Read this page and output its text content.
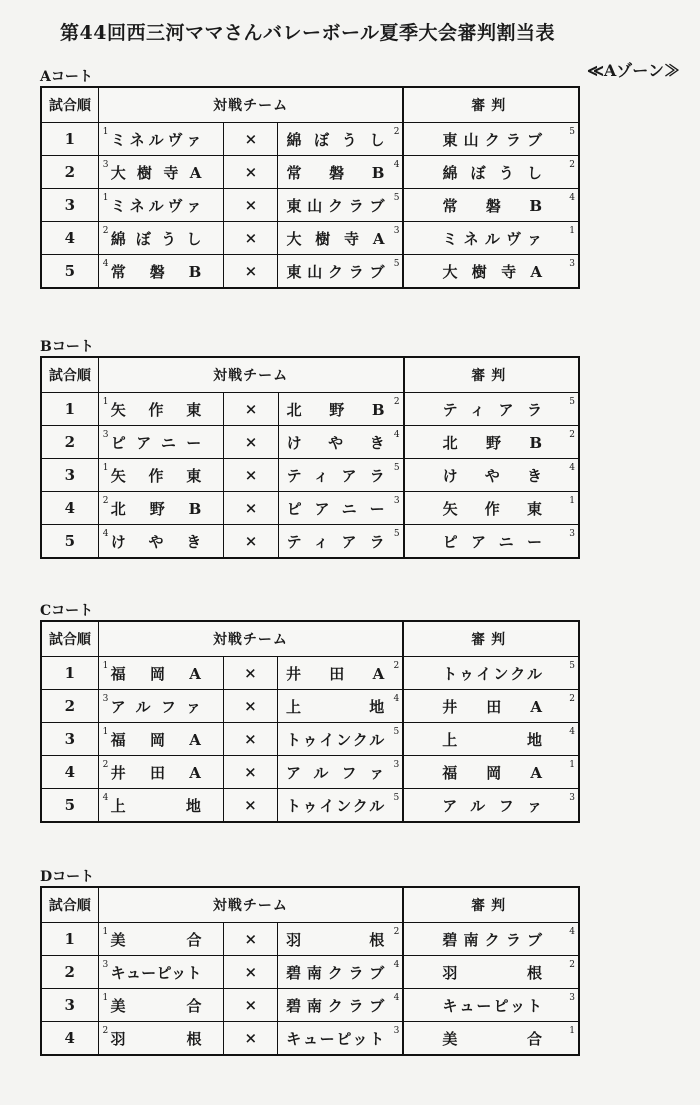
第44回西三河ママさんバレーボール夏季大会審判割当表
≪Aゾーン≫
Aコート
試合順	対戦チーム			審判
1	1 ミネルヴァ	×	綿ぼうし 2	東山クラブ 5

2	3 大樹寺A	×	常磐B 4	綿ぼうし 2

3	1 ミネルヴァ	×	東山クラブ 5	常磐B 4

4	2 綿ぼうし	×	大樹寺A 3	ミネルヴァ 1

5	4 常磐B	×	東山クラブ 5	大樹寺A 3
Bコート
試合順	対戦チーム			審判
1	1 矢作東	×	北野B 2	ティアラ 5

2	3 ピアニー	×	けやき 4	北野B 2

3	1 矢作東	×	ティアラ 5	けやき 4

4	2 北野B	×	ピアニー 3	矢作東 1

5	4 けやき	×	ティアラ 5	ピアニー 3
Cコート
試合順	対戦チーム			審判
1	1 福岡A	×	井田A 2	トゥインクル 5

2	3 アルファ	×	上地 4	井田A 2

3	1 福岡A	×	トゥインクル 5	上地 4

4	2 井田A	×	アルファ 3	福岡A 1

5	4 上地	×	トゥインクル 5	アルファ 3
Dコート
試合順	対戦チーム			審判
1	1 美合	×	羽根 2	碧南クラブ 4

2	3 キューピット	×	碧南クラブ 4	羽根 2

3	1 美合	×	碧南クラブ 4	キューピット 3

4	2 羽根	×	キューピット 3	美合 1
